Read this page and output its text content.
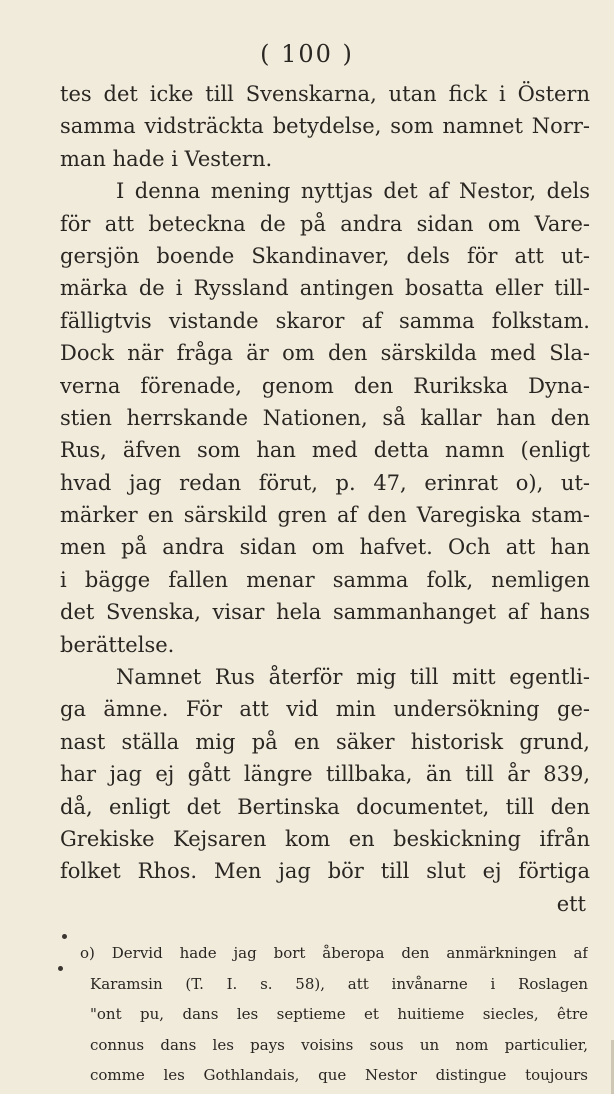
( 100 )
tes det icke till Svenskarna, utan fick i Östern
samma vidsträckta betydelse, som namnet Norr-
man hade i Vestern.
I denna mening nyttjas det af Nestor, dels
för att beteckna de på andra sidan om Vare-
gersjön boende Skandinaver, dels för att ut-
märka de i Ryssland antingen bosatta eller till-
fälligtvis vistande skaror af samma folkstam.
Dock när fråga är om den särskilda med Sla-
verna förenade, genom den Rurikska Dyna-
stien herrskande Nationen, så kallar han den
Rus, äfven som han med detta namn (enligt
hvad jag redan förut, p. 47, erinrat o), ut-
märker en särskild gren af den Varegiska stam-
men på andra sidan om hafvet. Och att han
i bägge fallen menar samma folk, nemligen
det Svenska, visar hela sammanhanget af hans
berättelse.
Namnet Rus återför mig till mitt egentli-
ga ämne. För att vid min undersökning ge-
nast ställa mig på en säker historisk grund,
har jag ej gått längre tillbaka, än till år 839,
då, enligt det Bertinska documentet, till den
Grekiske Kejsaren kom en beskickning ifrån
folket Rhos. Men jag bör till slut ej förtiga
ett
o) Dervid hade jag bort åberopa den anmärkningen af
Karamsin (T. I. s. 58), att invånarne i Roslagen
"ont pu, dans les septieme et huitieme siecles, être
connus dans les pays voisins sous un nom particulier,
comme les Gothlandais, que Nestor distingue toujours
